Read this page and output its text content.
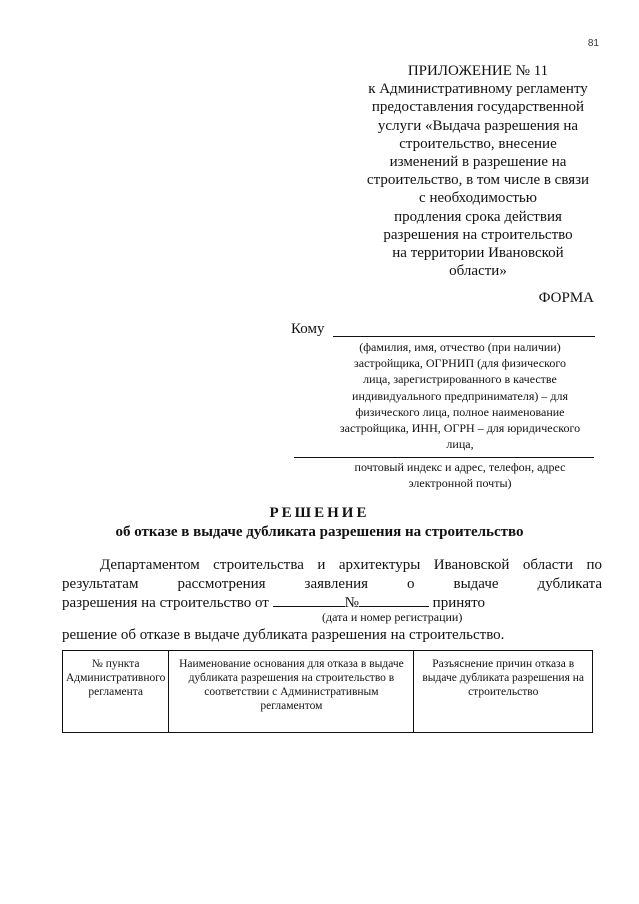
81
ПРИЛОЖЕНИЕ № 11
к Административному регламенту
предоставления государственной
услуги «Выдача разрешения на
строительство, внесение
изменений в разрешение на
строительство, в том числе в связи
с необходимостью
продления срока действия
разрешения на строительство
на территории Ивановской
области»
ФОРМА
Кому
(фамилия, имя, отчество (при наличии)
застройщика, ОГРНИП (для физического
лица, зарегистрированного в качестве
индивидуального предпринимателя) – для
физического лица, полное наименование
застройщика, ИНН, ОГРН – для юридического
лица,
почтовый индекс и адрес, телефон, адрес
электронной почты)
РЕШЕНИЕ
об отказе в выдаче дубликата разрешения на строительство
Департаментом строительства и архитектуры Ивановской области по
результатам рассмотрения заявления о выдаче дубликата
разрешения на строительство от	№	принято
(дата и номер регистрации)
решение об отказе в выдаче дубликата разрешения на строительство.
№ пункта Административного регламента	Наименование основания для отказа в выдаче дубликата разрешения на строительство в соответствии с Административным регламентом	Разъяснение причин отказа в выдаче дубликата разрешения на строительство
